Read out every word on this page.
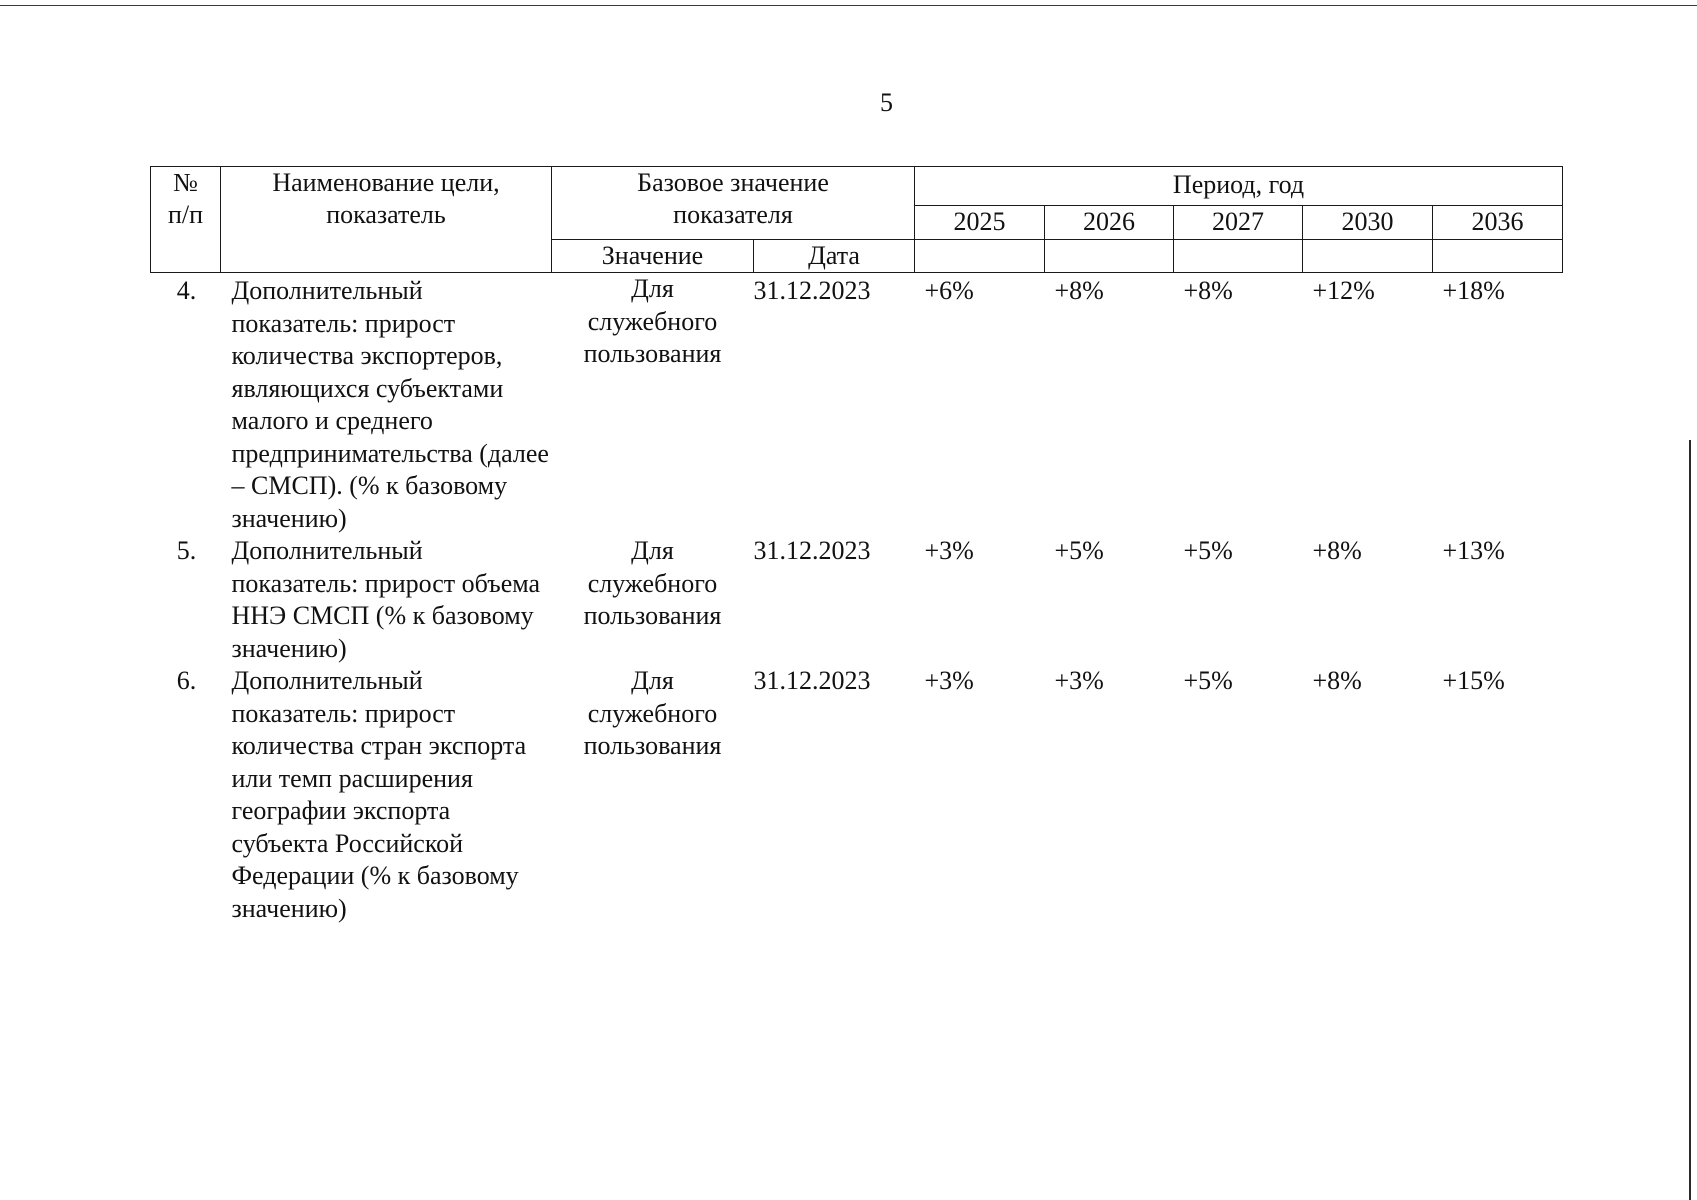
5
№ п/п	Наименование цели, показатель	Базовое значение показателя		Период, год				
				2025	2026	2027	2030	2036
		Значение	Дата					
4.	Дополнительный показатель: прирост количества экспортеров, являющихся субъектами малого и среднего предпринимательства (далее – СМСП). (% к базовому значению)	Для служебного пользования	31.12.2023	+6%	+8%	+8%	+12%	+18%
5.	Дополнительный показатель: прирост объема ННЭ СМСП (% к базовому значению)	Для служебного пользования	31.12.2023	+3%	+5%	+5%	+8%	+13%
6.	Дополнительный показатель: прирост количества стран экспорта или темп расширения географии экспорта субъекта Российской Федерации (% к базовому значению)	Для служебного пользования	31.12.2023	+3%	+3%	+5%	+8%	+15%
